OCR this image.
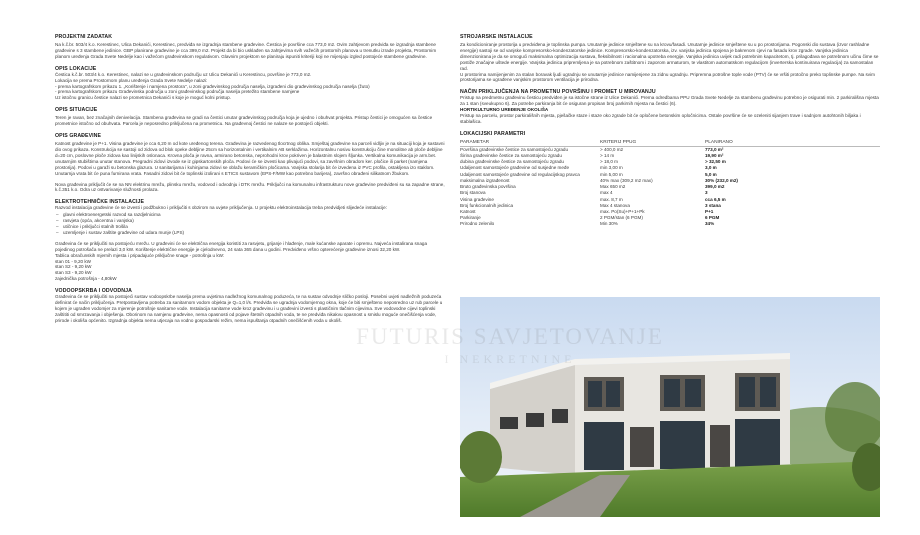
PROJEKTNI ZADATAK
Na k.č.br. 503/4 k.o. Kerestinec, Ulica Dekanići, Kerestinec, predviđa se izgradnja stambene građevine. Čestica je površine cca 773,0 m2. Ovim zahtjevom predviđa se izgradnja stambene građevine s 3 stambene jedinice. GBP planirane građevine je cca 399,0 m2. Projekt da bi bio usklađen sa zahtjevima svih važećih prostornih planova u trenutku izrade projekta, Prostornim planom uređenja Grada Svete Nedelje kao i važećom građevinskom regulativom. Glavnim projektom se planiraju ispuniti kriteriji koji ne mijenjaju izgled postojeće stambene građevine.
OPIS LOKACIJE
Čestica k.č.br. 503/4 k.o. Kerestinec, nalazi se u građevinskom području uz Ulicu Dekanići u Kerestincu, površine je 773,0 m2.
Lokacija se prema Prostornom planu uređenja Grada Svete Nedelje nalazi:
- prema kartografskom prikazu 1. „Korištenje i namjena prostora", u zoni građevinskog područja naselja, izgrađeni dio građevinskog područja naselja (žuto)
- prema kartografskom prikazu Građevinska područja u zoni građevinskog područja naselja pretežito stambene namjene
Uz istočnu granicu čestice nalazi se prometnica Dekanići s koje je moguć kolni pristup.
OPIS SITUACIJE
Teren je ravan, bez značajnih denivelacija. Stambena građevina se gradi na čestici unutar građevinskog područja koja je ujedno i obuhvat projekta. Pristup čestici je omogućen sa čestice prometnice istočno od obuhvata. Parcela je neposredno priključena na prometnicu. Na građevnoj čestici ne nalaze se postojeći objekti.
OPIS GRAĐEVINE
Katnost građevine je P+1. Visina građevine je cca 6,20 m od kote uređenog terena. Građevina je razvedenog tlocrtnog oblika. Smještaj građevine na parceli vidljiv je na situaciji koja je sastavni dio ovog prikaza. Konstrukcija se sastoji od zidova od blok opeke debljine 25cm sa horizontalnim i vertikalnim AB serklažima. Horizontalnu nosivu konstrukciju čine monolitne ab ploče debljine d=20 cm, poslovne ploče zidova kao linijskih oslonaca. Krovna ploča je ravna, armirano betonska, neprohodni krov pokriven je balastnim slojem šljunka. Vertikalna komunikacija je arm.bet. unutarnjim stubištima unutar stanova. Pregradni zidovi izvode se iz gipskartonskih ploča. Podovi će se izvesti kao plivajući podovi, sa završnim obradom ker. pločice ili parket (namjena prostorija). Podovi u garaži su betonska glazura. U sanitarijama i kuhinjama zidovi se oblažu keramičkim pločicama. Vanjska stolarija bit će izvedena iz PVC profila, ostakljena izo staklom. Unutarnja vrata bit će puna furnirana vrata. Fasadni zidovi bit će toplinski izolirani s ETICS sustavom (EPS-F/MW kao potrebno barijera), završno obrađeni silikatnom žbukom.
Nova građevina priključit će se na NN elektrinu mrežu, plinsku mrežu, vodovod i odvodnju i DTK mrežu. Priključci na komunalnu infrastrukturu nove građevine predviđeni su sa zapadne strane, k.č.351 k.o. Odra uz ostvarivanje služnosti prolaza.
ELEKTROTEHNIČKE INSTALACIJE
Razvod instalacija građevine će se izvesti i podžbukno i priključiti s obzirom na uvjete priključenja. U projektu elektroinstalacija treba predvidjeti slijedeće instalacije:
– glavni elektroenergetski razvod sa razdjelnicima
– rasvjeta (opća, akcentna i vanjska)
– utičnice i priključci stalnih trošila
– uzemljenje i sustav zaštite građevine od udara munje (LPS)
Građevina će se priključiti na postojeću mrežu. U građevini će se električna energija koristiti za rasvjetu, grijanje i hlađenje, male kućanske aparate i opremu. Najveća instalirana snaga pojedinog potrošača ne prelazi 3,0 kW. Korištenje električne energije je cjelodnevno, 24 sata 365 dana u godini. Predviđeno vršno opterećenje građevine iznosi 32,20 kW.
Tablica obračunskih mjernih mjesta i pripadajuće priključne snage - potrošnja u kW:
stan 01 - 9,20 kW
stan S2 - 9,20 kW
stan S3 - 9,20 kW
zajednička potrošnja - 4,80kW
VODOOPSKRBA I ODVODNJA
Građevina će se priključiti na postojeći sustav vodoopskrbe naselja prema uvjetima nadležnog komunalnog poduzeća, te na sustav odvodnje sličko posloji. Posebni uvjeti nadležnih poduzeća definirat će način priključenja. Pretpostavljena potreba za sanitarnom vodom objekta je Q=1,0 l/s. Predviđa se ugradnja vodomjernog okna, koje će biti smješteno neposredno uz rub parcele u kojem je ugrađen vodomjer za mjerenje potrošnje sanitarne vode. Instalacija sanitarne vode kroz građevinu i u građevini izvesti s plastičnim tlačnim cijevima. Sve vodovodne cijevi toplinski zaštititi od smrzavanja i obješenja. Oborinom na namjenu građevine, nema opasnosti od pojave štetnih otpadnih voda, te ne predviđa nikakvu opasnost u smislu moguće onečišćenja vode, prirode i okoliša općenito. Izgradnja objekta nema utjecaja na vodno gospodarski režim, nema ispuštanja otpadnih onečišćenih voda u okoliš.
STROJARSKE INSTALACIJE
Za kondicioniranje prostorija u predviđena je toplinska pumpa. Unutarnje jedinice smještene su na krovu/fasadi. Unutarnje jedinice smještene su u po prostorijama. Pogonski dio sustava (izvor rashladne energije) sastoji se od vanjske kompresorsko-kondenzatorske jedinice. Kompresorsko-kondenzatorska, izv. vanjska jedinica spojena je bakrenom cjevi na fasadu krov zgrade. Vanjska jedinica dimenzionirana je da se omogući maksimalna optimizacija sustava, fleksibilnost i racionalna upotreba energije. Vanjska jedinica uvijek radi potrebnim kapacitetom, tj. prilagođava se potrebnom učinu čime se postiže značajne uštede energije. Vanjska jedinica pripremljena je sa potrebnom zaštitnom i zaporom armaturom, te vlastitom automatskom regulacijom (inverterska kontinuirana regulacija) za samostalan rad.
U prostorima namijenjenim za stalan boravak ljudi ugradnju se unutarnje jedinice namijenjene za zidnu ugradnju. Pripremna potrošne tople vode (PTV) će se vršiti protočno preko toplinske pumpe. Na svim prostorijama se ugrađene vanjskim prostorom ventilacija je prirodna.
NAČIN PRIKLJUČENJA NA PROMETNU POVRŠINU I PROMET U MIROVANJU
Pristup na predmetnu građevinu česticu predviđen je sa istočne strane iz Ulice Dekanići. Prema odredbama PPU Grada Svete Nedelje za stambenu građevinu potrebno je osigurati min. 2 parkirališna mjesta za 1 stan (sveukupno 6). Za potrebe parkiranja bit će osiguran propisan broj parkirnih mjesta na čestici (6).
HORTIKULTURNO UREĐENJE OKOLIŠA
Pristup na parcelu, prostor parkirališnih mjesta, pješačke staze i staze oko zgrade bit će opločene betonskim opločnicima. Ostale površine će se ozeleniti sijanjem trave i sadnjom autohtonih biljaka i stablašica.
LOKACIJSKI PARAMETRI
PARAMETAR	KRITERIJ PPUG	PLANIRANO
Površina građevinske čestice za samostojeću zgradu	> 400,0 m2	773,0 m²
Širina građevinske čestice za samostojeću zgradu	> 14 m	19,90 m²
dubina građevinske čestice za samostojeću zgradu	> 18,0 m	> 32,50 m
Udaljenost samostojeće građevine od susjedne međe	min 3,00 m	3,0 m
Udaljenost samostojeće građevine od regulacijskog pravca	min 5,00 m	5,0 m
maksimalna izgrađenost	40% max (309,2 m2 max)	30% (232,0 m2)
Bruto građevinska površina	Max 650 m2	399,0 m2
Broj stanova	max 4	3
Visina građevine	max. 8,7 m	cca 6,5 m
Broj funkcionalnih jedinica	Max 4 stanova	3 stana
Katnost	max. Po(Su)+P+1+Pk	P+1
Parkiranje	2 PGM/stan (6 PGM)	6 PGM
Prirodno zelenilo	Min 30%	34%
FUTURIS
I
